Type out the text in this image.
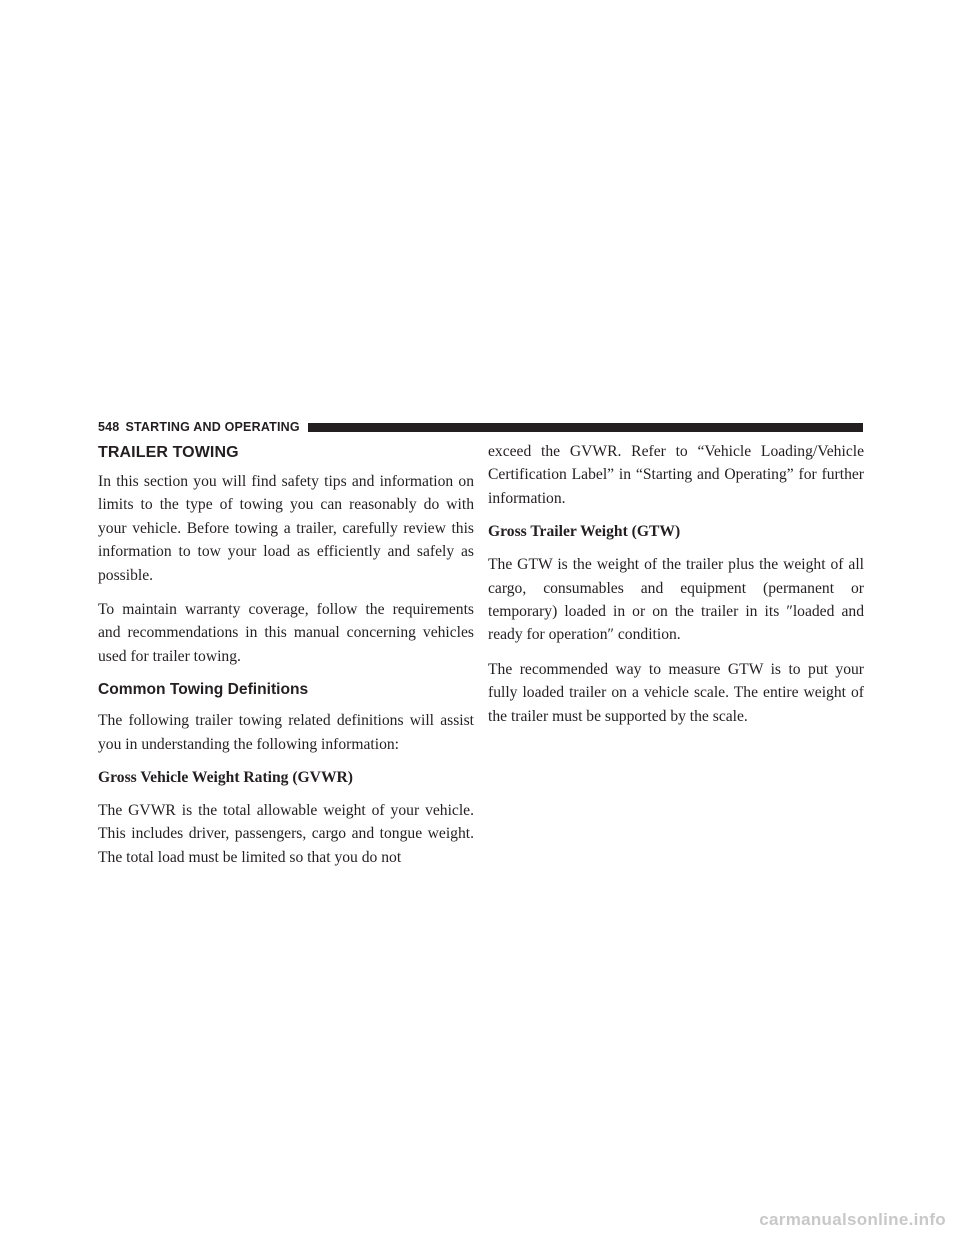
548 STARTING AND OPERATING
TRAILER TOWING

In this section you will find safety tips and information on limits to the type of towing you can reasonably do with your vehicle. Before towing a trailer, carefully review this information to tow your load as efficiently and safely as possible.

To maintain warranty coverage, follow the requirements and recommendations in this manual concerning vehicles used for trailer towing.

Common Towing Definitions

The following trailer towing related definitions will assist you in understanding the following information:

Gross Vehicle Weight Rating (GVWR)

The GVWR is the total allowable weight of your vehicle. This includes driver, passengers, cargo and tongue weight. The total load must be limited so that you do not

exceed the GVWR. Refer to “Vehicle Loading/Vehicle Certification Label” in “Starting and Operating” for further information.

Gross Trailer Weight (GTW)

The GTW is the weight of the trailer plus the weight of all cargo, consumables and equipment (permanent or temporary) loaded in or on the trailer in its ″loaded and ready for operation″ condition.

The recommended way to measure GTW is to put your fully loaded trailer on a vehicle scale. The entire weight of the trailer must be supported by the scale.

carmanualsonline.info
